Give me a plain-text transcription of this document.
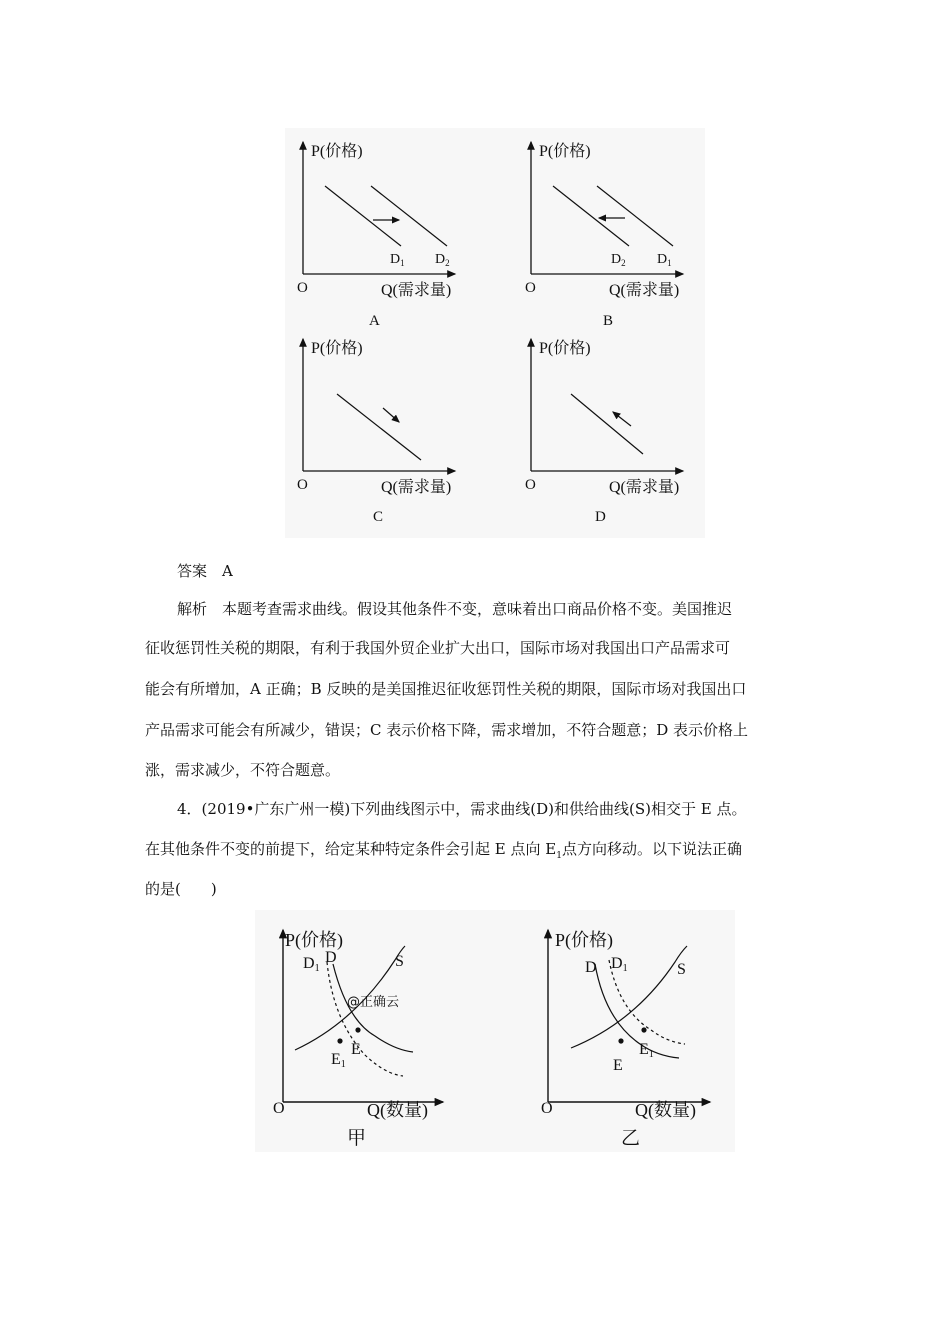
P(价格)
O	Q(需求量)
$D_1$ $D_2$
A
P(价格)
O	Q(需求量)
$D_2$ $D_1$
B
P(价格)
O	Q(需求量)
C
P(价格)
O	Q(需求量)
D
答案　 A
解析　 本题考查需求曲线。假设其他条件不变，意味着出口商品价格不变。美国推迟
征收惩罚性关税的期限，有利于我国外贸企业扩大出口，国际市场对我国出口产品需求可
能会有所增加，A 正确；B 反映的是美国推迟征收惩罚性关税的期限，国际市场对我国出口
产品需求可能会有所减少，错误；C 表示价格下降，需求增加，不符合题意；D 表示价格上
涨，需求减少，不符合题意。
4．(2019•广东广州一模)下列曲线图示中，需求曲线(D)和供给曲线(S)相交于 E 点。
在其他条件不变的前提下，给定某种特定条件会引起 E 点向 $E_1$点方向移动。以下说法正确
的是(　　)
P(价格)
O	Q(数量)
D1
D	S
E
E1
@正确云
甲
P(价格)
O	Q(数量)
D D1	S
E
E1
乙
